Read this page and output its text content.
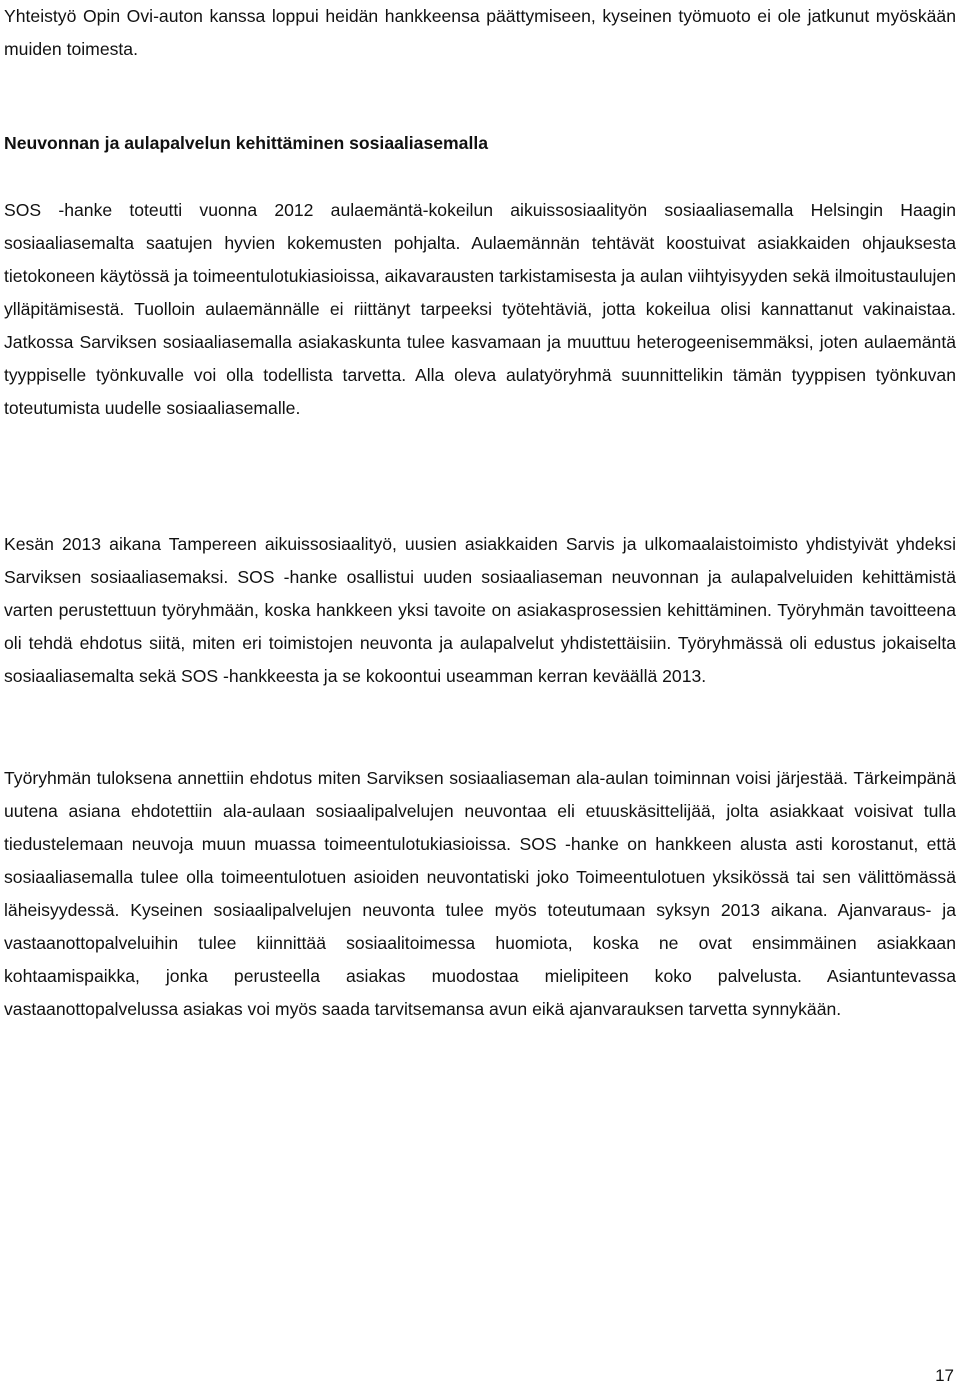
Yhteistyö Opin Ovi-auton kanssa loppui heidän hankkeensa päättymiseen, kyseinen työmuoto ei ole jatkunut myöskään muiden toimesta.

Neuvonnan ja aulapalvelun kehittäminen sosiaaliasemalla

SOS -hanke toteutti vuonna 2012 aulaemäntä-kokeilun aikuissosiaalityön sosiaaliasemalla Helsingin Haagin sosiaaliasemalta saatujen hyvien kokemusten pohjalta. Aulaemännän tehtävät koostuivat asiakkaiden ohjauksesta tietokoneen käytössä ja toimeentulotukiasioissa, aikavarausten tarkistamisesta ja aulan viihtyisyyden sekä ilmoitustaulujen ylläpitämisestä. Tuolloin aulaemännälle ei riittänyt tarpeeksi työtehtäviä, jotta kokeilua olisi kannattanut vakinaistaa. Jatkossa Sarviksen sosiaaliasemalla asiakaskunta tulee kasvamaan ja muuttuu heterogeenisemmäksi, joten aulaemäntä tyyppiselle työnkuvalle voi olla todellista tarvetta. Alla oleva aulatyöryhmä suunnittelikin tämän tyyppisen työnkuvan toteutumista uudelle sosiaaliasemalle.

Kesän 2013 aikana Tampereen aikuissosiaalityö, uusien asiakkaiden Sarvis ja ulkomaalaistoimisto yhdistyivät yhdeksi Sarviksen sosiaaliasemaksi. SOS -hanke osallistui uuden sosiaaliaseman neuvonnan ja aulapalveluiden kehittämistä varten perustettuun työryhmään, koska hankkeen yksi tavoite on asiakasprosessien kehittäminen. Työryhmän tavoitteena oli tehdä ehdotus siitä, miten eri toimistojen neuvonta ja aulapalvelut yhdistettäisiin. Työryhmässä oli edustus jokaiselta sosiaaliasemalta sekä SOS -hankkeesta ja se kokoontui useamman kerran keväällä 2013.

Työryhmän tuloksena annettiin ehdotus miten Sarviksen sosiaaliaseman ala-aulan toiminnan voisi järjestää. Tärkeimpänä uutena asiana ehdotettiin ala-aulaan sosiaalipalvelujen neuvontaa eli etuuskäsittelijää, jolta asiakkaat voisivat tulla tiedustelemaan neuvoja muun muassa toimeentulotukiasioissa. SOS -hanke on hankkeen alusta asti korostanut, että sosiaaliasemalla tulee olla toimeentulotuen asioiden neuvontatiski joko Toimeentulotuen yksikössä tai sen välittömässä läheisyydessä. Kyseinen sosiaalipalvelujen neuvonta tulee myös toteutumaan syksyn 2013 aikana. Ajanvaraus- ja vastaanottopalveluihin tulee kiinnittää sosiaalitoimessa huomiota, koska ne ovat ensimmäinen asiakkaan kohtaamispaikka, jonka perusteella asiakas muodostaa mielipiteen koko palvelusta. Asiantuntevassa vastaanottopalvelussa asiakas voi myös saada tarvitsemansa avun eikä ajanvarauksen tarvetta synnykään.

17
